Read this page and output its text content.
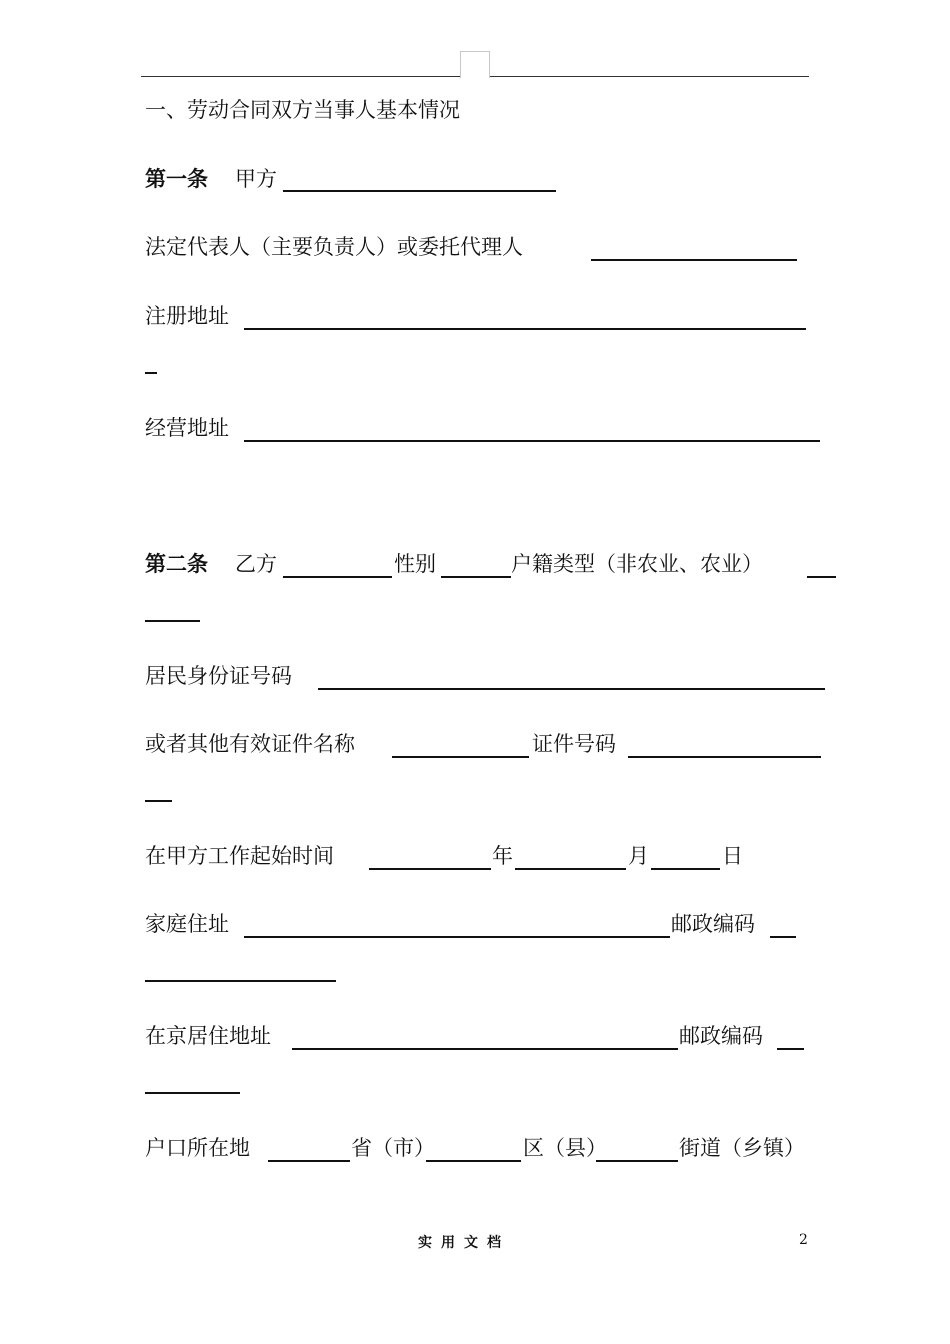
一、劳动合同双方当事人基本情况
第一条 甲方
法定代表人（主要负责人）或委托代理人
注册地址
经营地址
第二条 乙方	性别	户籍类型（非农业、农业）
居民身份证号码
或者其他有效证件名称	证件号码
在甲方工作起始时间	年	月	日
家庭住址	邮政编码
在京居住地址	邮政编码
户口所在地	省（市）	区（县）	街道（乡镇）
实用文档	2
